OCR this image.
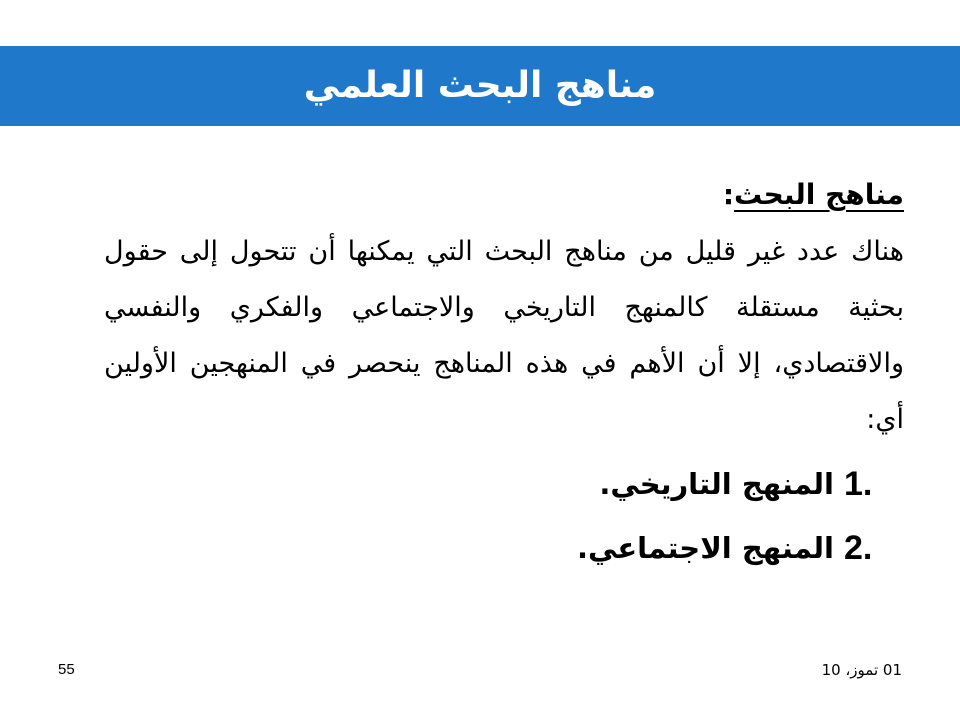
مناهج البحث العلمي
مناهج البحث:
هناك عدد غير قليل من مناهج البحث التي يمكنها أن تتحول إلى حقول بحثية مستقلة كالمنهج التاريخي والاجتماعي والفكري والنفسي والاقتصادي، إلا أن الأهم في هذه المناهج ينحصر في المنهجين الأولين أي:
1.
المنهج التاريخي.
2.
المنهج الاجتماعي.
01 تموز، 10
55
